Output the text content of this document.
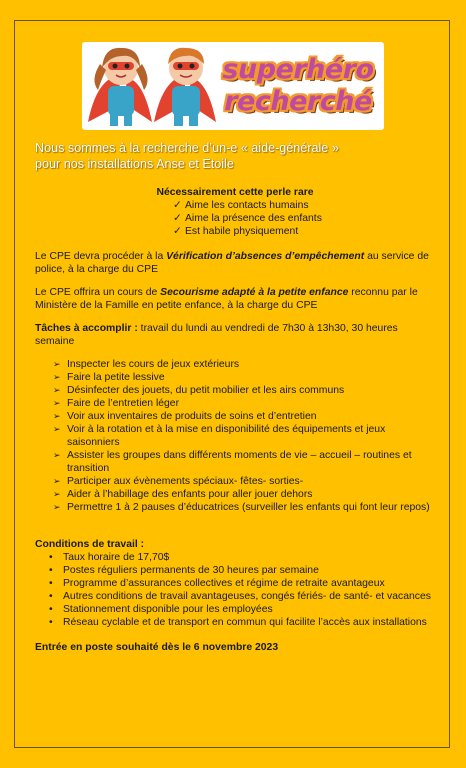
superhéro
recherché
Nous sommes à la recherche d’un-e « aide-générale »
pour nos installations Anse et Etoile
Nécessairement cette perle rare
✓ Aime les contacts humains
✓ Aime la présence des enfants
✓ Est habile physiquement

Le CPE devra procéder à la Vérification d’absences d’empêchement au service de police, à la charge du CPE

Le CPE offrira un cours de Secourisme adapté à la petite enfance reconnu par le Ministère de la Famille en petite enfance, à la charge du CPE

Tâches à accomplir : travail du lundi au vendredi de 7h30 à 13h30, 30 heures semaine

➢ Inspecter les cours de jeux extérieurs
➢ Faire la petite lessive
➢ Désinfecter des jouets, du petit mobilier et les airs communs
➢ Faire de l’entretien léger
➢ Voir aux inventaires de produits de soins et d’entretien
➢ Voir à la rotation et à la mise en disponibilité des équipements et jeux saisonniers
➢ Assister les groupes dans différents moments de vie – accueil – routines et transition
➢ Participer aux évènements spéciaux- fêtes- sorties-
➢ Aider à l’habillage des enfants pour aller jouer dehors
➢ Permettre 1 à 2 pauses d’éducatrices (surveiller les enfants qui font leur repos)
Conditions de travail :
• Taux horaire de 17,70$
• Postes réguliers permanents de 30 heures par semaine
• Programme d’assurances collectives et régime de retraite avantageux
• Autres conditions de travail avantageuses, congés fériés- de santé- et vacances
• Stationnement disponible pour les employées
• Réseau cyclable et de transport en commun qui facilite l’accès aux installations
Entrée en poste souhaité dès le 6 novembre 2023
